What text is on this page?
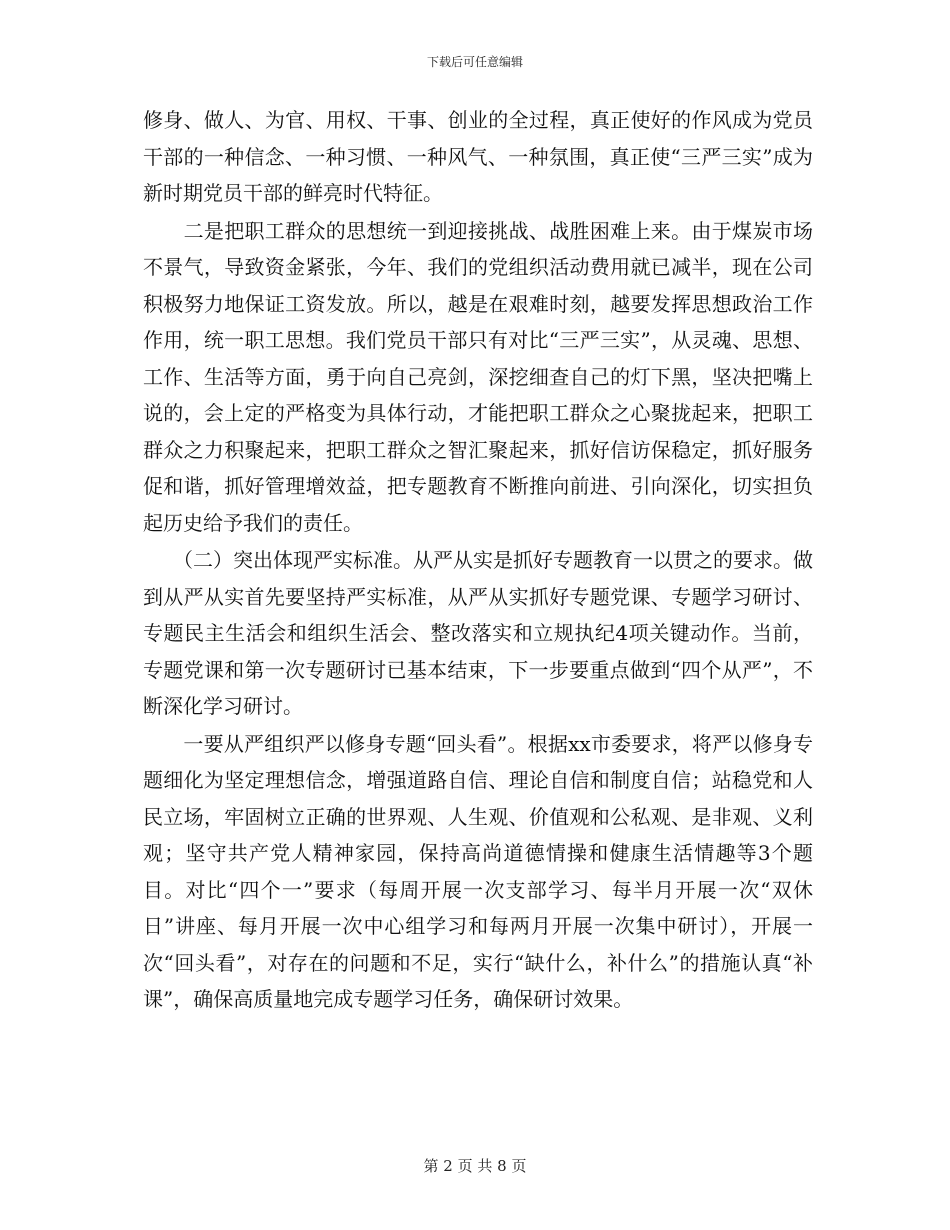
下载后可任意编辑

修身、做人、为官、用权、干事、创业的全过程，真正使好的作风成为党员干部的一种信念、一种习惯、一种风气、一种氛围，真正使“三严三实”成为新时期党员干部的鲜亮时代特征。

　　二是把职工群众的思想统一到迎接挑战、战胜困难上来。由于煤炭市场不景气，导致资金紧张，今年、我们的党组织活动费用就已减半，现在公司积极努力地保证工资发放。所以，越是在艰难时刻，越要发挥思想政治工作作用，统一职工思想。我们党员干部只有对比“三严三实”，从灵魂、思想、工作、生活等方面，勇于向自己亮剑，深挖细查自己的灯下黑，坚决把嘴上说的，会上定的严格变为具体行动，才能把职工群众之心聚拢起来，把职工群众之力积聚起来，把职工群众之智汇聚起来，抓好信访保稳定，抓好服务促和谐，抓好管理增效益，把专题教育不断推向前进、引向深化，切实担负起历史给予我们的责任。

　　（二）突出体现严实标准。从严从实是抓好专题教育一以贯之的要求。做到从严从实首先要坚持严实标准，从严从实抓好专题党课、专题学习研讨、专题民主生活会和组织生活会、整改落实和立规执纪4项关键动作。当前，专题党课和第一次专题研讨已基本结束，下一步要重点做到“四个从严”，不断深化学习研讨。

　　一要从严组织严以修身专题“回头看”。根据xx市委要求，将严以修身专题细化为坚定理想信念，增强道路自信、理论自信和制度自信；站稳党和人民立场，牢固树立正确的世界观、人生观、价值观和公私观、是非观、义利观；坚守共产党人精神家园，保持高尚道德情操和健康生活情趣等3个题目。对比“四个一”要求（每周开展一次支部学习、每半月开展一次“双休日”讲座、每月开展一次中心组学习和每两月开展一次集中研讨），开展一次“回头看”，对存在的问题和不足，实行“缺什么，补什么”的措施认真“补课”，确保高质量地完成专题学习任务，确保研讨效果。

第 2 页 共 8 页
